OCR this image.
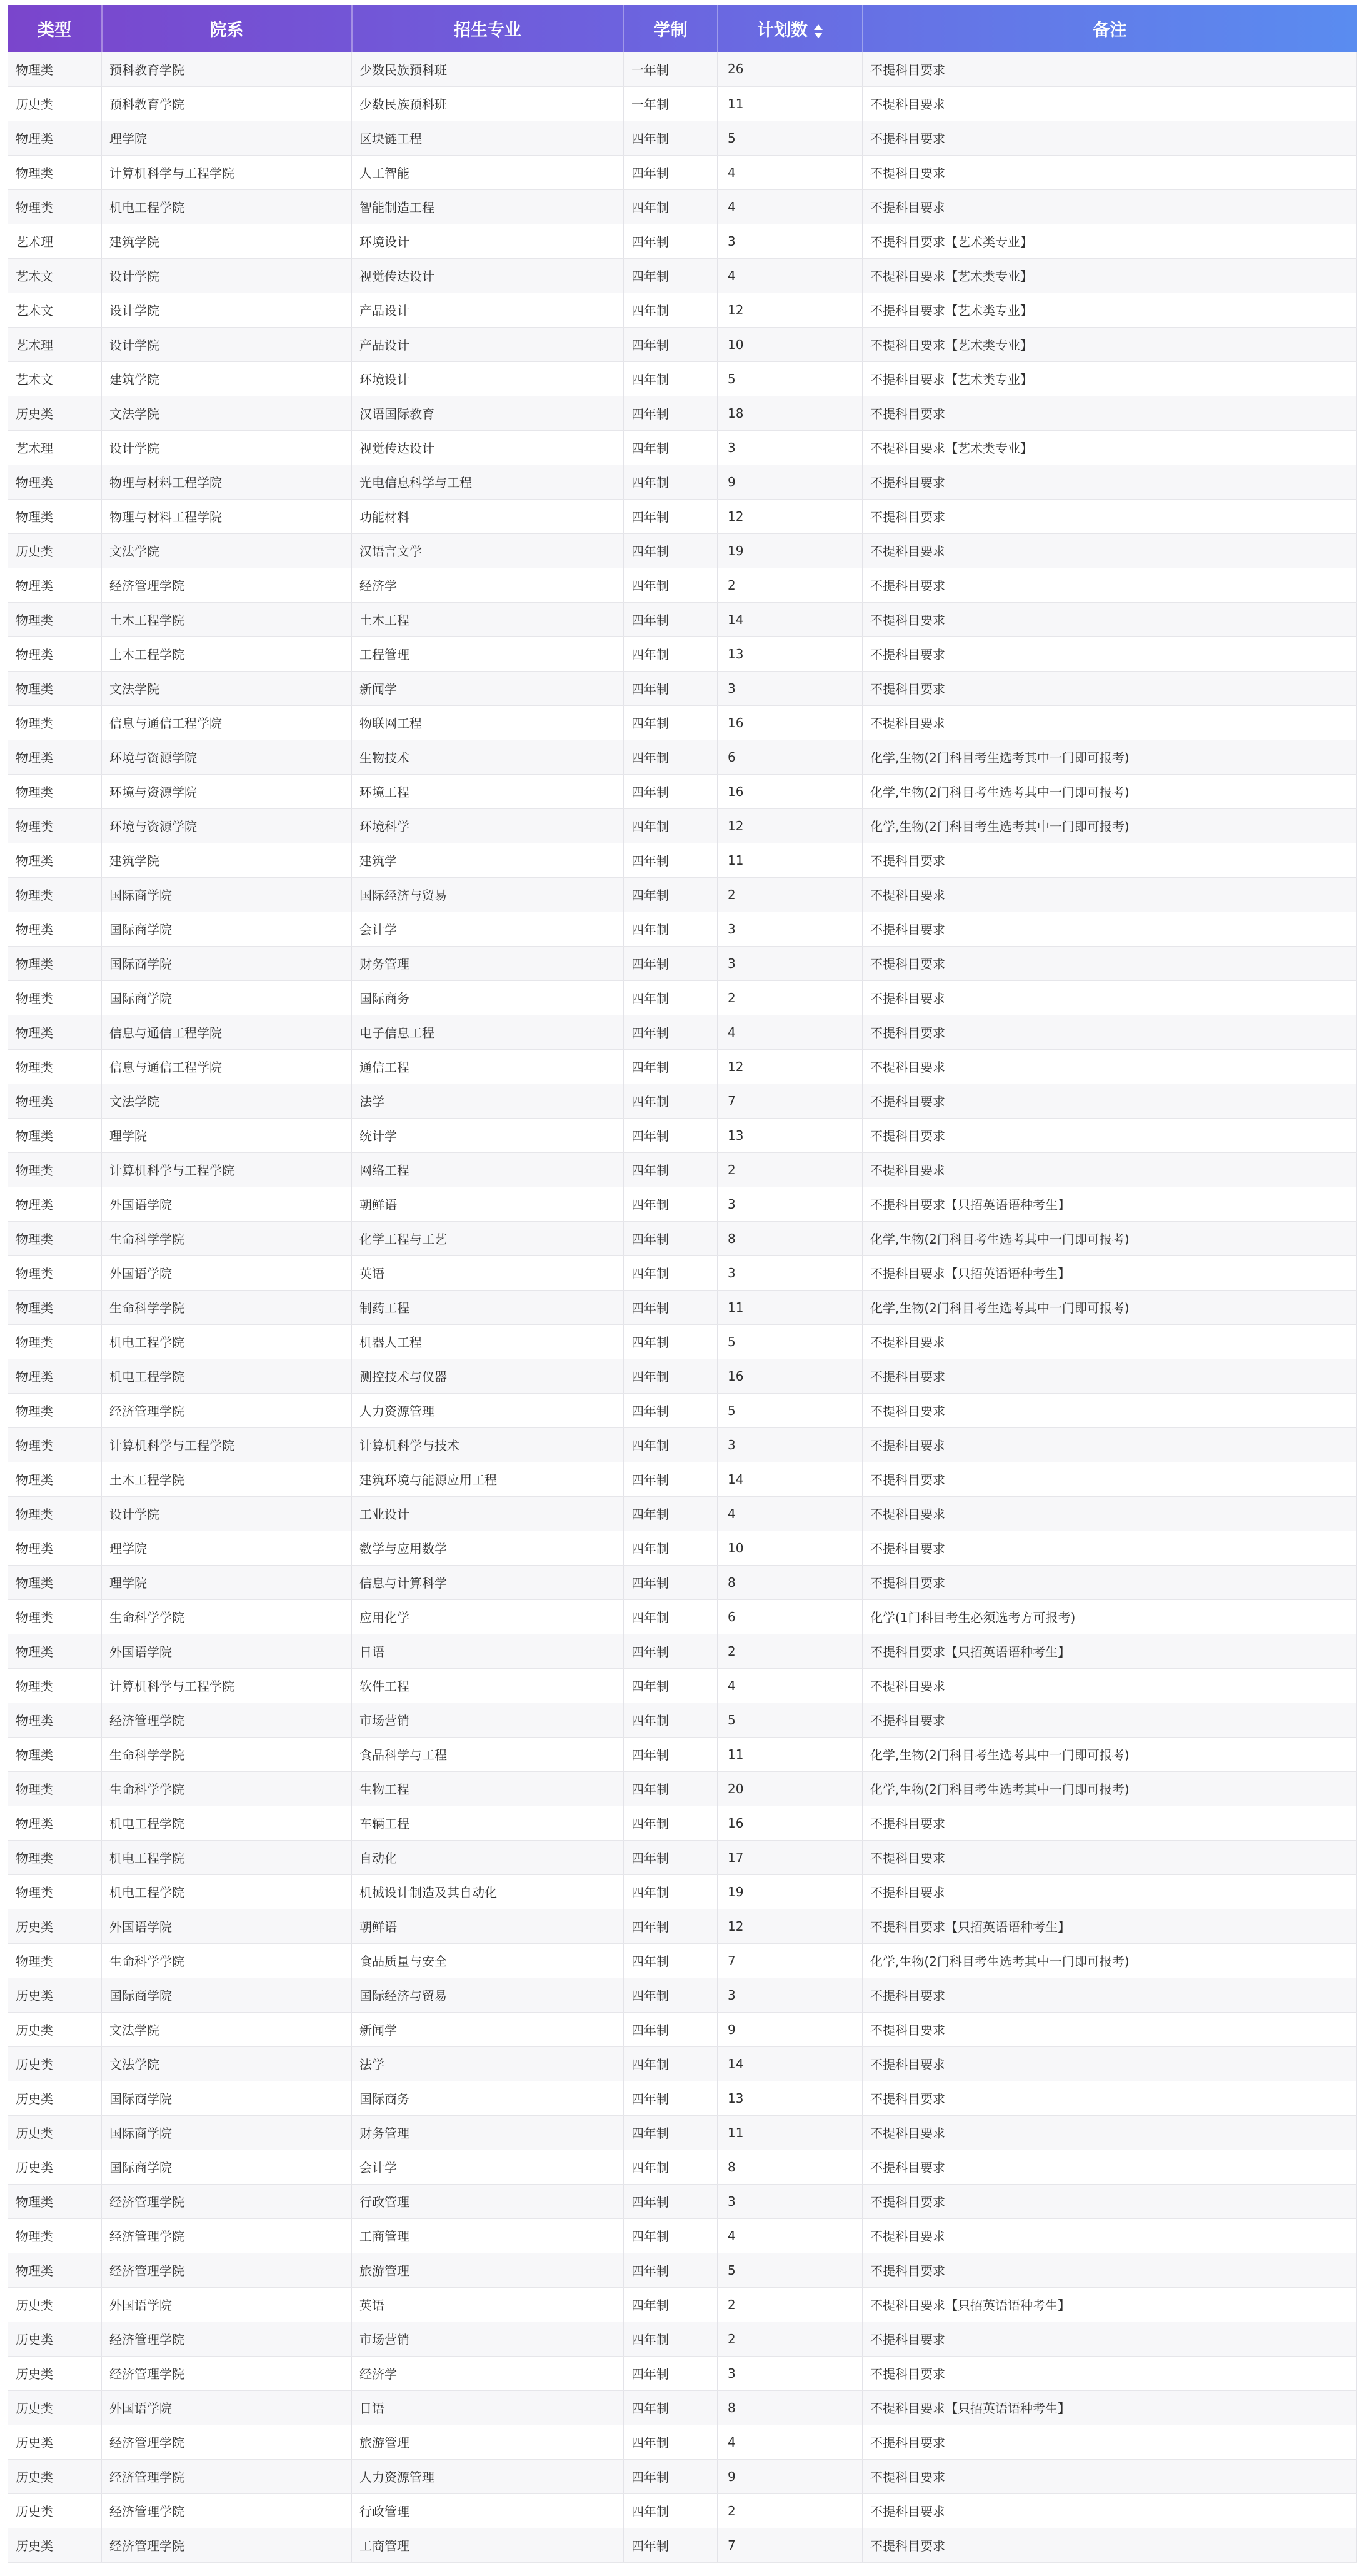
类型	院系	招生专业	学制	计划数	备注
物理类	预科教育学院	少数民族预科班	一年制	26	不提科目要求
历史类	预科教育学院	少数民族预科班	一年制	11	不提科目要求
物理类	理学院	区块链工程	四年制	5	不提科目要求
物理类	计算机科学与工程学院	人工智能	四年制	4	不提科目要求
物理类	机电工程学院	智能制造工程	四年制	4	不提科目要求
艺术理	建筑学院	环境设计	四年制	3	不提科目要求【艺术类专业】
艺术文	设计学院	视觉传达设计	四年制	4	不提科目要求【艺术类专业】
艺术文	设计学院	产品设计	四年制	12	不提科目要求【艺术类专业】
艺术理	设计学院	产品设计	四年制	10	不提科目要求【艺术类专业】
艺术文	建筑学院	环境设计	四年制	5	不提科目要求【艺术类专业】
历史类	文法学院	汉语国际教育	四年制	18	不提科目要求
艺术理	设计学院	视觉传达设计	四年制	3	不提科目要求【艺术类专业】
物理类	物理与材料工程学院	光电信息科学与工程	四年制	9	不提科目要求
物理类	物理与材料工程学院	功能材料	四年制	12	不提科目要求
历史类	文法学院	汉语言文学	四年制	19	不提科目要求
物理类	经济管理学院	经济学	四年制	2	不提科目要求
物理类	土木工程学院	土木工程	四年制	14	不提科目要求
物理类	土木工程学院	工程管理	四年制	13	不提科目要求
物理类	文法学院	新闻学	四年制	3	不提科目要求
物理类	信息与通信工程学院	物联网工程	四年制	16	不提科目要求
物理类	环境与资源学院	生物技术	四年制	6	化学,生物(2门科目考生选考其中一门即可报考)
物理类	环境与资源学院	环境工程	四年制	16	化学,生物(2门科目考生选考其中一门即可报考)
物理类	环境与资源学院	环境科学	四年制	12	化学,生物(2门科目考生选考其中一门即可报考)
物理类	建筑学院	建筑学	四年制	11	不提科目要求
物理类	国际商学院	国际经济与贸易	四年制	2	不提科目要求
物理类	国际商学院	会计学	四年制	3	不提科目要求
物理类	国际商学院	财务管理	四年制	3	不提科目要求
物理类	国际商学院	国际商务	四年制	2	不提科目要求
物理类	信息与通信工程学院	电子信息工程	四年制	4	不提科目要求
物理类	信息与通信工程学院	通信工程	四年制	12	不提科目要求
物理类	文法学院	法学	四年制	7	不提科目要求
物理类	理学院	统计学	四年制	13	不提科目要求
物理类	计算机科学与工程学院	网络工程	四年制	2	不提科目要求
物理类	外国语学院	朝鲜语	四年制	3	不提科目要求【只招英语语种考生】
物理类	生命科学学院	化学工程与工艺	四年制	8	化学,生物(2门科目考生选考其中一门即可报考)
物理类	外国语学院	英语	四年制	3	不提科目要求【只招英语语种考生】
物理类	生命科学学院	制药工程	四年制	11	化学,生物(2门科目考生选考其中一门即可报考)
物理类	机电工程学院	机器人工程	四年制	5	不提科目要求
物理类	机电工程学院	测控技术与仪器	四年制	16	不提科目要求
物理类	经济管理学院	人力资源管理	四年制	5	不提科目要求
物理类	计算机科学与工程学院	计算机科学与技术	四年制	3	不提科目要求
物理类	土木工程学院	建筑环境与能源应用工程	四年制	14	不提科目要求
物理类	设计学院	工业设计	四年制	4	不提科目要求
物理类	理学院	数学与应用数学	四年制	10	不提科目要求
物理类	理学院	信息与计算科学	四年制	8	不提科目要求
物理类	生命科学学院	应用化学	四年制	6	化学(1门科目考生必须选考方可报考)
物理类	外国语学院	日语	四年制	2	不提科目要求【只招英语语种考生】
物理类	计算机科学与工程学院	软件工程	四年制	4	不提科目要求
物理类	经济管理学院	市场营销	四年制	5	不提科目要求
物理类	生命科学学院	食品科学与工程	四年制	11	化学,生物(2门科目考生选考其中一门即可报考)
物理类	生命科学学院	生物工程	四年制	20	化学,生物(2门科目考生选考其中一门即可报考)
物理类	机电工程学院	车辆工程	四年制	16	不提科目要求
物理类	机电工程学院	自动化	四年制	17	不提科目要求
物理类	机电工程学院	机械设计制造及其自动化	四年制	19	不提科目要求
历史类	外国语学院	朝鲜语	四年制	12	不提科目要求【只招英语语种考生】
物理类	生命科学学院	食品质量与安全	四年制	7	化学,生物(2门科目考生选考其中一门即可报考)
历史类	国际商学院	国际经济与贸易	四年制	3	不提科目要求
历史类	文法学院	新闻学	四年制	9	不提科目要求
历史类	文法学院	法学	四年制	14	不提科目要求
历史类	国际商学院	国际商务	四年制	13	不提科目要求
历史类	国际商学院	财务管理	四年制	11	不提科目要求
历史类	国际商学院	会计学	四年制	8	不提科目要求
物理类	经济管理学院	行政管理	四年制	3	不提科目要求
物理类	经济管理学院	工商管理	四年制	4	不提科目要求
物理类	经济管理学院	旅游管理	四年制	5	不提科目要求
历史类	外国语学院	英语	四年制	2	不提科目要求【只招英语语种考生】
历史类	经济管理学院	市场营销	四年制	2	不提科目要求
历史类	经济管理学院	经济学	四年制	3	不提科目要求
历史类	外国语学院	日语	四年制	8	不提科目要求【只招英语语种考生】
历史类	经济管理学院	旅游管理	四年制	4	不提科目要求
历史类	经济管理学院	人力资源管理	四年制	9	不提科目要求
历史类	经济管理学院	行政管理	四年制	2	不提科目要求
历史类	经济管理学院	工商管理	四年制	7	不提科目要求
